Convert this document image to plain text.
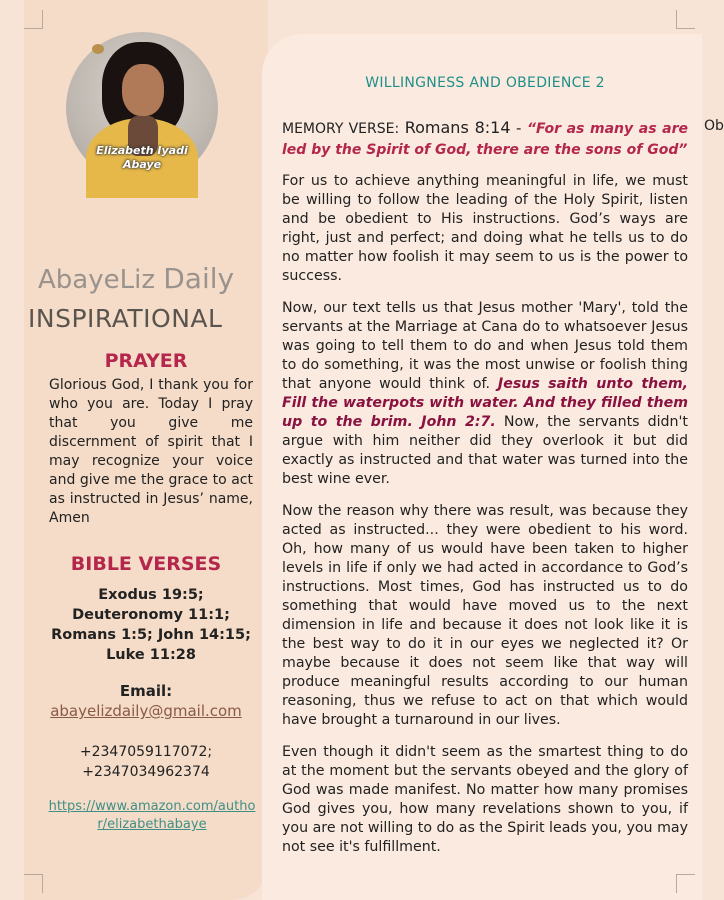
Elizabeth Iyadi
Abaye
AbayeLiz Daily
INSPIRATIONAL
PRAYER
Glorious God, I thank you for who you are. Today I pray that you give me discernment of spirit that I may recognize your voice and give me the grace to act as instructed in Jesus’ name, Amen
BIBLE VERSES
Exodus 19:5;
Deuteronomy 11:1;
Romans 1:5; John 14:15;
Luke 11:28
Email:
abayelizdaily@gmail.com
+2347059117072;
+2347034962374
https://www.amazon.com/author/elizabethabaye
WILLINGNESS AND OBEDIENCE 2
MEMORY VERSE: Romans 8:14 - “For as many as are led by the Spirit of God, there are the sons of God”
Ob

For us to achieve anything meaningful in life, we must be willing to follow the leading of the Holy Spirit, listen and be obedient to His instructions. God’s ways are right, just and perfect; and doing what he tells us to do no matter how foolish it may seem to us is the power to success.

Now, our text tells us that Jesus mother 'Mary', told the servants at the Marriage at Cana do to whatsoever Jesus was going to tell them to do and when Jesus told them to do something, it was the most unwise or foolish thing that anyone would think of. Jesus saith unto them, Fill the waterpots with water. And they filled them up to the brim. John 2:7. Now, the servants didn't argue with him neither did they overlook it but did exactly as instructed and that water was turned into the best wine ever.

Now the reason why there was result, was because they acted as instructed... they were obedient to his word. Oh, how many of us would have been taken to higher levels in life if only we had acted in accordance to God’s instructions. Most times, God has instructed us to do something that would have moved us to the next dimension in life and because it does not look like it is the best way to do it in our eyes we neglected it? Or maybe because it does not seem like that way will produce meaningful results according to our human reasoning, thus we refuse to act on that which would have brought a turnaround in our lives.

Even though it didn't seem as the smartest thing to do at the moment but the servants obeyed and the glory of God was made manifest. No matter how many promises God gives you, how many revelations shown to you, if you are not willing to do as the Spirit leads you, you may not see it's fulfillment.
